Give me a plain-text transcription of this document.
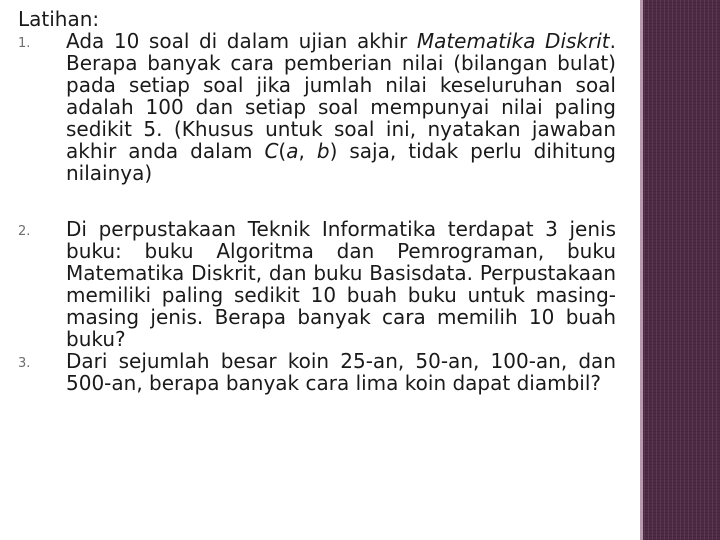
Latihan:
1. Ada 10 soal di dalam ujian akhir Matematika Diskrit. Berapa banyak cara pemberian nilai (bilangan bulat) pada setiap soal jika jumlah nilai keseluruhan soal adalah 100 dan setiap soal mempunyai nilai paling sedikit 5. (Khusus untuk soal ini, nyatakan jawaban akhir anda dalam C(a, b) saja, tidak perlu dihitung nilainya)
2. Di perpustakaan Teknik Informatika terdapat 3 jenis buku: buku Algoritma dan Pemrograman, buku Matematika Diskrit, dan buku Basisdata. Perpustakaan memiliki paling sedikit 10 buah buku untuk masing-masing jenis. Berapa banyak cara memilih 10 buah buku?
3. Dari sejumlah besar koin 25-an, 50-an, 100-an, dan 500-an, berapa banyak cara lima koin dapat diambil?
